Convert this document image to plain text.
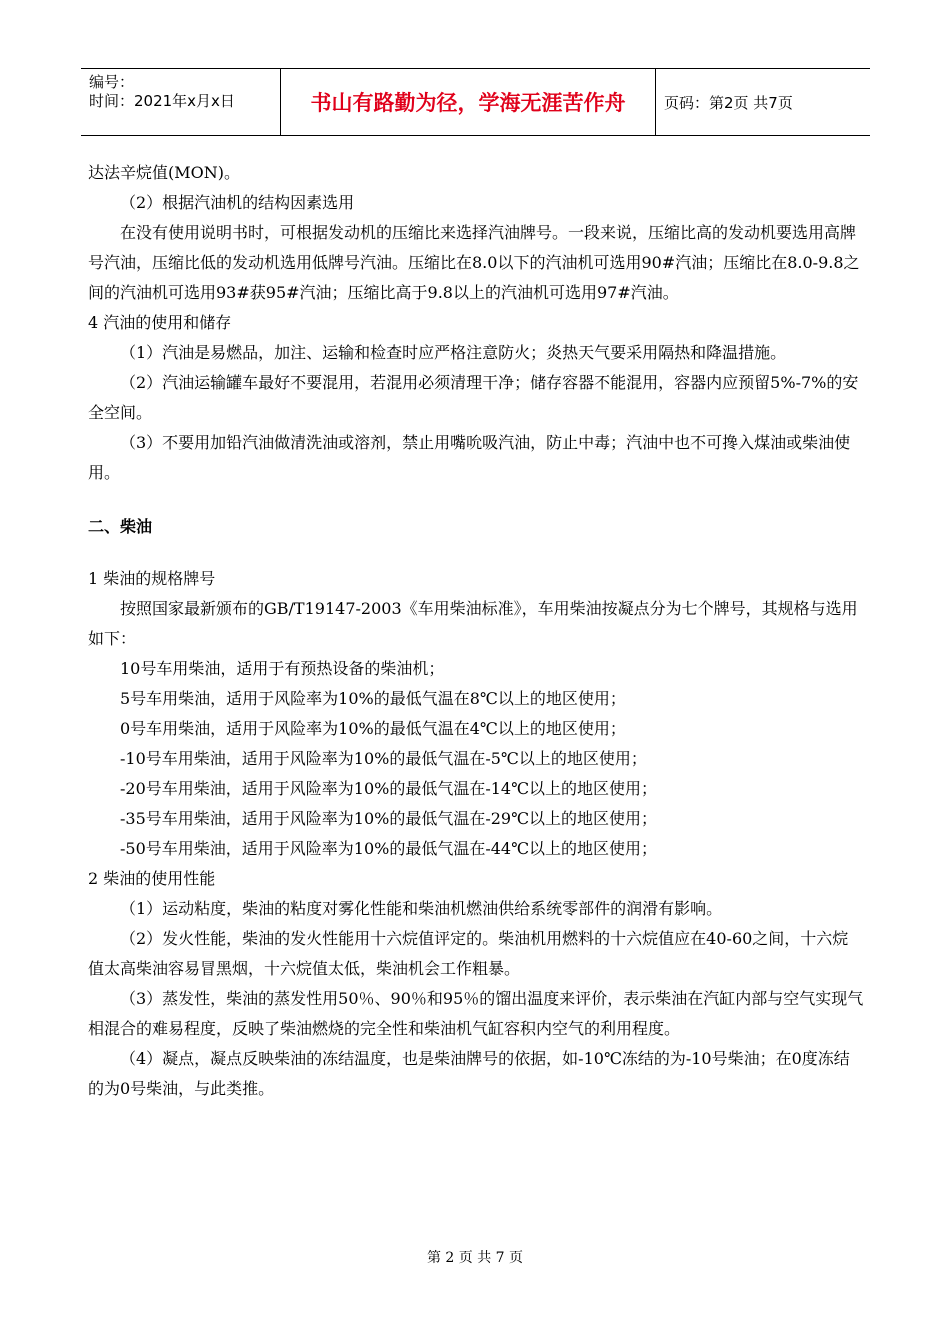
编号：
时间：2021年x月x日	书山有路勤为径，学海无涯苦作舟	页码：第2页 共7页

达法辛烷值(MON)。

（2）根据汽油机的结构因素选用

在没有使用说明书时，可根据发动机的压缩比来选择汽油牌号。一段来说，压缩比高的发动机要选用高牌号汽油，压缩比低的发动机选用低牌号汽油。压缩比在8.0以下的汽油机可选用90#汽油；压缩比在8.0-9.8之间的汽油机可选用93#获95#汽油；压缩比高于9.8以上的汽油机可选用97#汽油。

4 汽油的使用和储存

（1）汽油是易燃品，加注、运输和检查时应严格注意防火；炎热天气要采用隔热和降温措施。

（2）汽油运输罐车最好不要混用，若混用必须清理干净；储存容器不能混用，容器内应预留5%-7%的安全空间。

（3）不要用加铅汽油做清洗油或溶剂，禁止用嘴吮吸汽油，防止中毒；汽油中也不可搀入煤油或柴油使用。

二、柴油

1 柴油的规格牌号

按照国家最新颁布的GB/T19147-2003《车用柴油标准》，车用柴油按凝点分为七个牌号，其规格与选用如下：

10号车用柴油，适用于有预热设备的柴油机；

5号车用柴油，适用于风险率为10%的最低气温在8℃以上的地区使用；

0号车用柴油，适用于风险率为10%的最低气温在4℃以上的地区使用；

-10号车用柴油，适用于风险率为10%的最低气温在-5℃以上的地区使用；

-20号车用柴油，适用于风险率为10%的最低气温在-14℃以上的地区使用；

-35号车用柴油，适用于风险率为10%的最低气温在-29℃以上的地区使用；

-50号车用柴油，适用于风险率为10%的最低气温在-44℃以上的地区使用；

2 柴油的使用性能

（1）运动粘度，柴油的粘度对雾化性能和柴油机燃油供给系统零部件的润滑有影响。

（2）发火性能，柴油的发火性能用十六烷值评定的。柴油机用燃料的十六烷值应在40-60之间，十六烷值太高柴油容易冒黑烟，十六烷值太低，柴油机会工作粗暴。

（3）蒸发性，柴油的蒸发性用50％、90％和95％的馏出温度来评价，表示柴油在汽缸内部与空气实现气相混合的难易程度，反映了柴油燃烧的完全性和柴油机气缸容积内空气的利用程度。

（4）凝点，凝点反映柴油的冻结温度，也是柴油牌号的依据，如-10℃冻结的为-10号柴油；在0度冻结的为0号柴油，与此类推。

第 2 页 共 7 页
